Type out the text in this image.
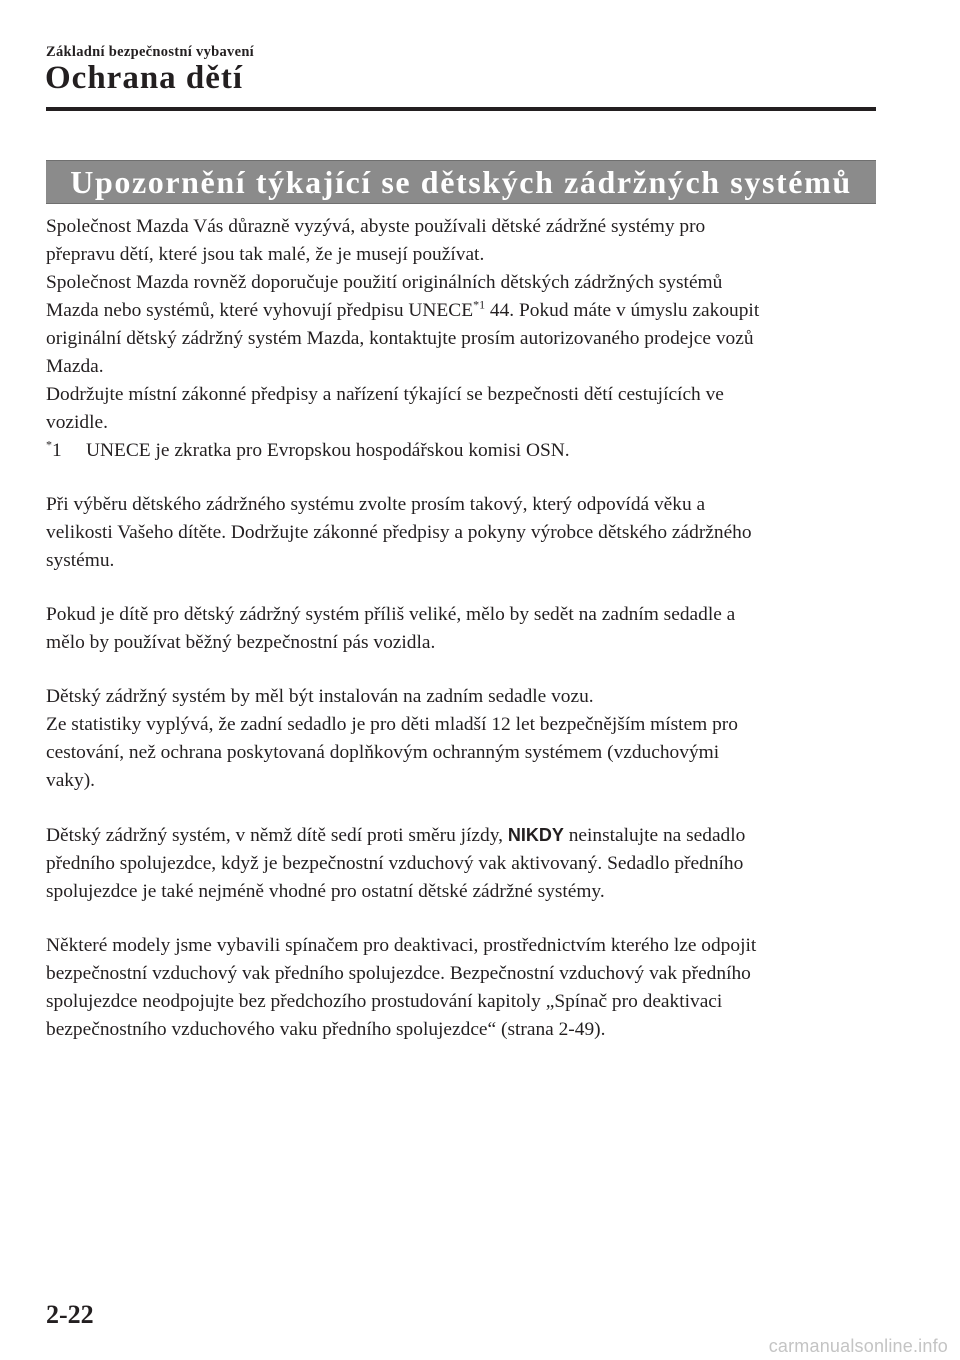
Základní bezpečnostní vybavení
Ochrana dětí
Upozornění týkající se dětských zádržných systémů

Společnost Mazda Vás důrazně vyzývá, abyste používali dětské zádržné systémy pro

přepravu dětí, které jsou tak malé, že je musejí používat.

Společnost Mazda rovněž doporučuje použití originálních dětských zádržných systémů

Mazda nebo systémů, které vyhovují předpisu UNECE$^{*1}$ 44. Pokud máte v úmyslu zakoupit

originální dětský zádržný systém Mazda, kontaktujte prosím autorizovaného prodejce vozů

Mazda.

Dodržujte místní zákonné předpisy a nařízení týkající se bezpečnosti dětí cestujících ve

vozidle.

*1 UNECE je zkratka pro Evropskou hospodářskou komisi OSN.

Při výběru dětského zádržného systému zvolte prosím takový, který odpovídá věku a

velikosti Vašeho dítěte. Dodržujte zákonné předpisy a pokyny výrobce dětského zádržného

systému.

Pokud je dítě pro dětský zádržný systém příliš veliké, mělo by sedět na zadním sedadle a

mělo by používat běžný bezpečnostní pás vozidla.

Dětský zádržný systém by měl být instalován na zadním sedadle vozu.

Ze statistiky vyplývá, že zadní sedadlo je pro děti mladší 12 let bezpečnějším místem pro

cestování, než ochrana poskytovaná doplňkovým ochranným systémem (vzduchovými

vaky).

Dětský zádržný systém, v němž dítě sedí proti směru jízdy, NIKDY neinstalujte na sedadlo

předního spolujezdce, když je bezpečnostní vzduchový vak aktivovaný. Sedadlo předního

spolujezdce je také nejméně vhodné pro ostatní dětské zádržné systémy.

Některé modely jsme vybavili spínačem pro deaktivaci, prostřednictvím kterého lze odpojit

bezpečnostní vzduchový vak předního spolujezdce. Bezpečnostní vzduchový vak předního

spolujezdce neodpojujte bez předchozího prostudování kapitoly „Spínač pro deaktivaci

bezpečnostního vzduchového vaku předního spolujezdce“ (strana 2-49).

2-22
carmanualsonline.info
